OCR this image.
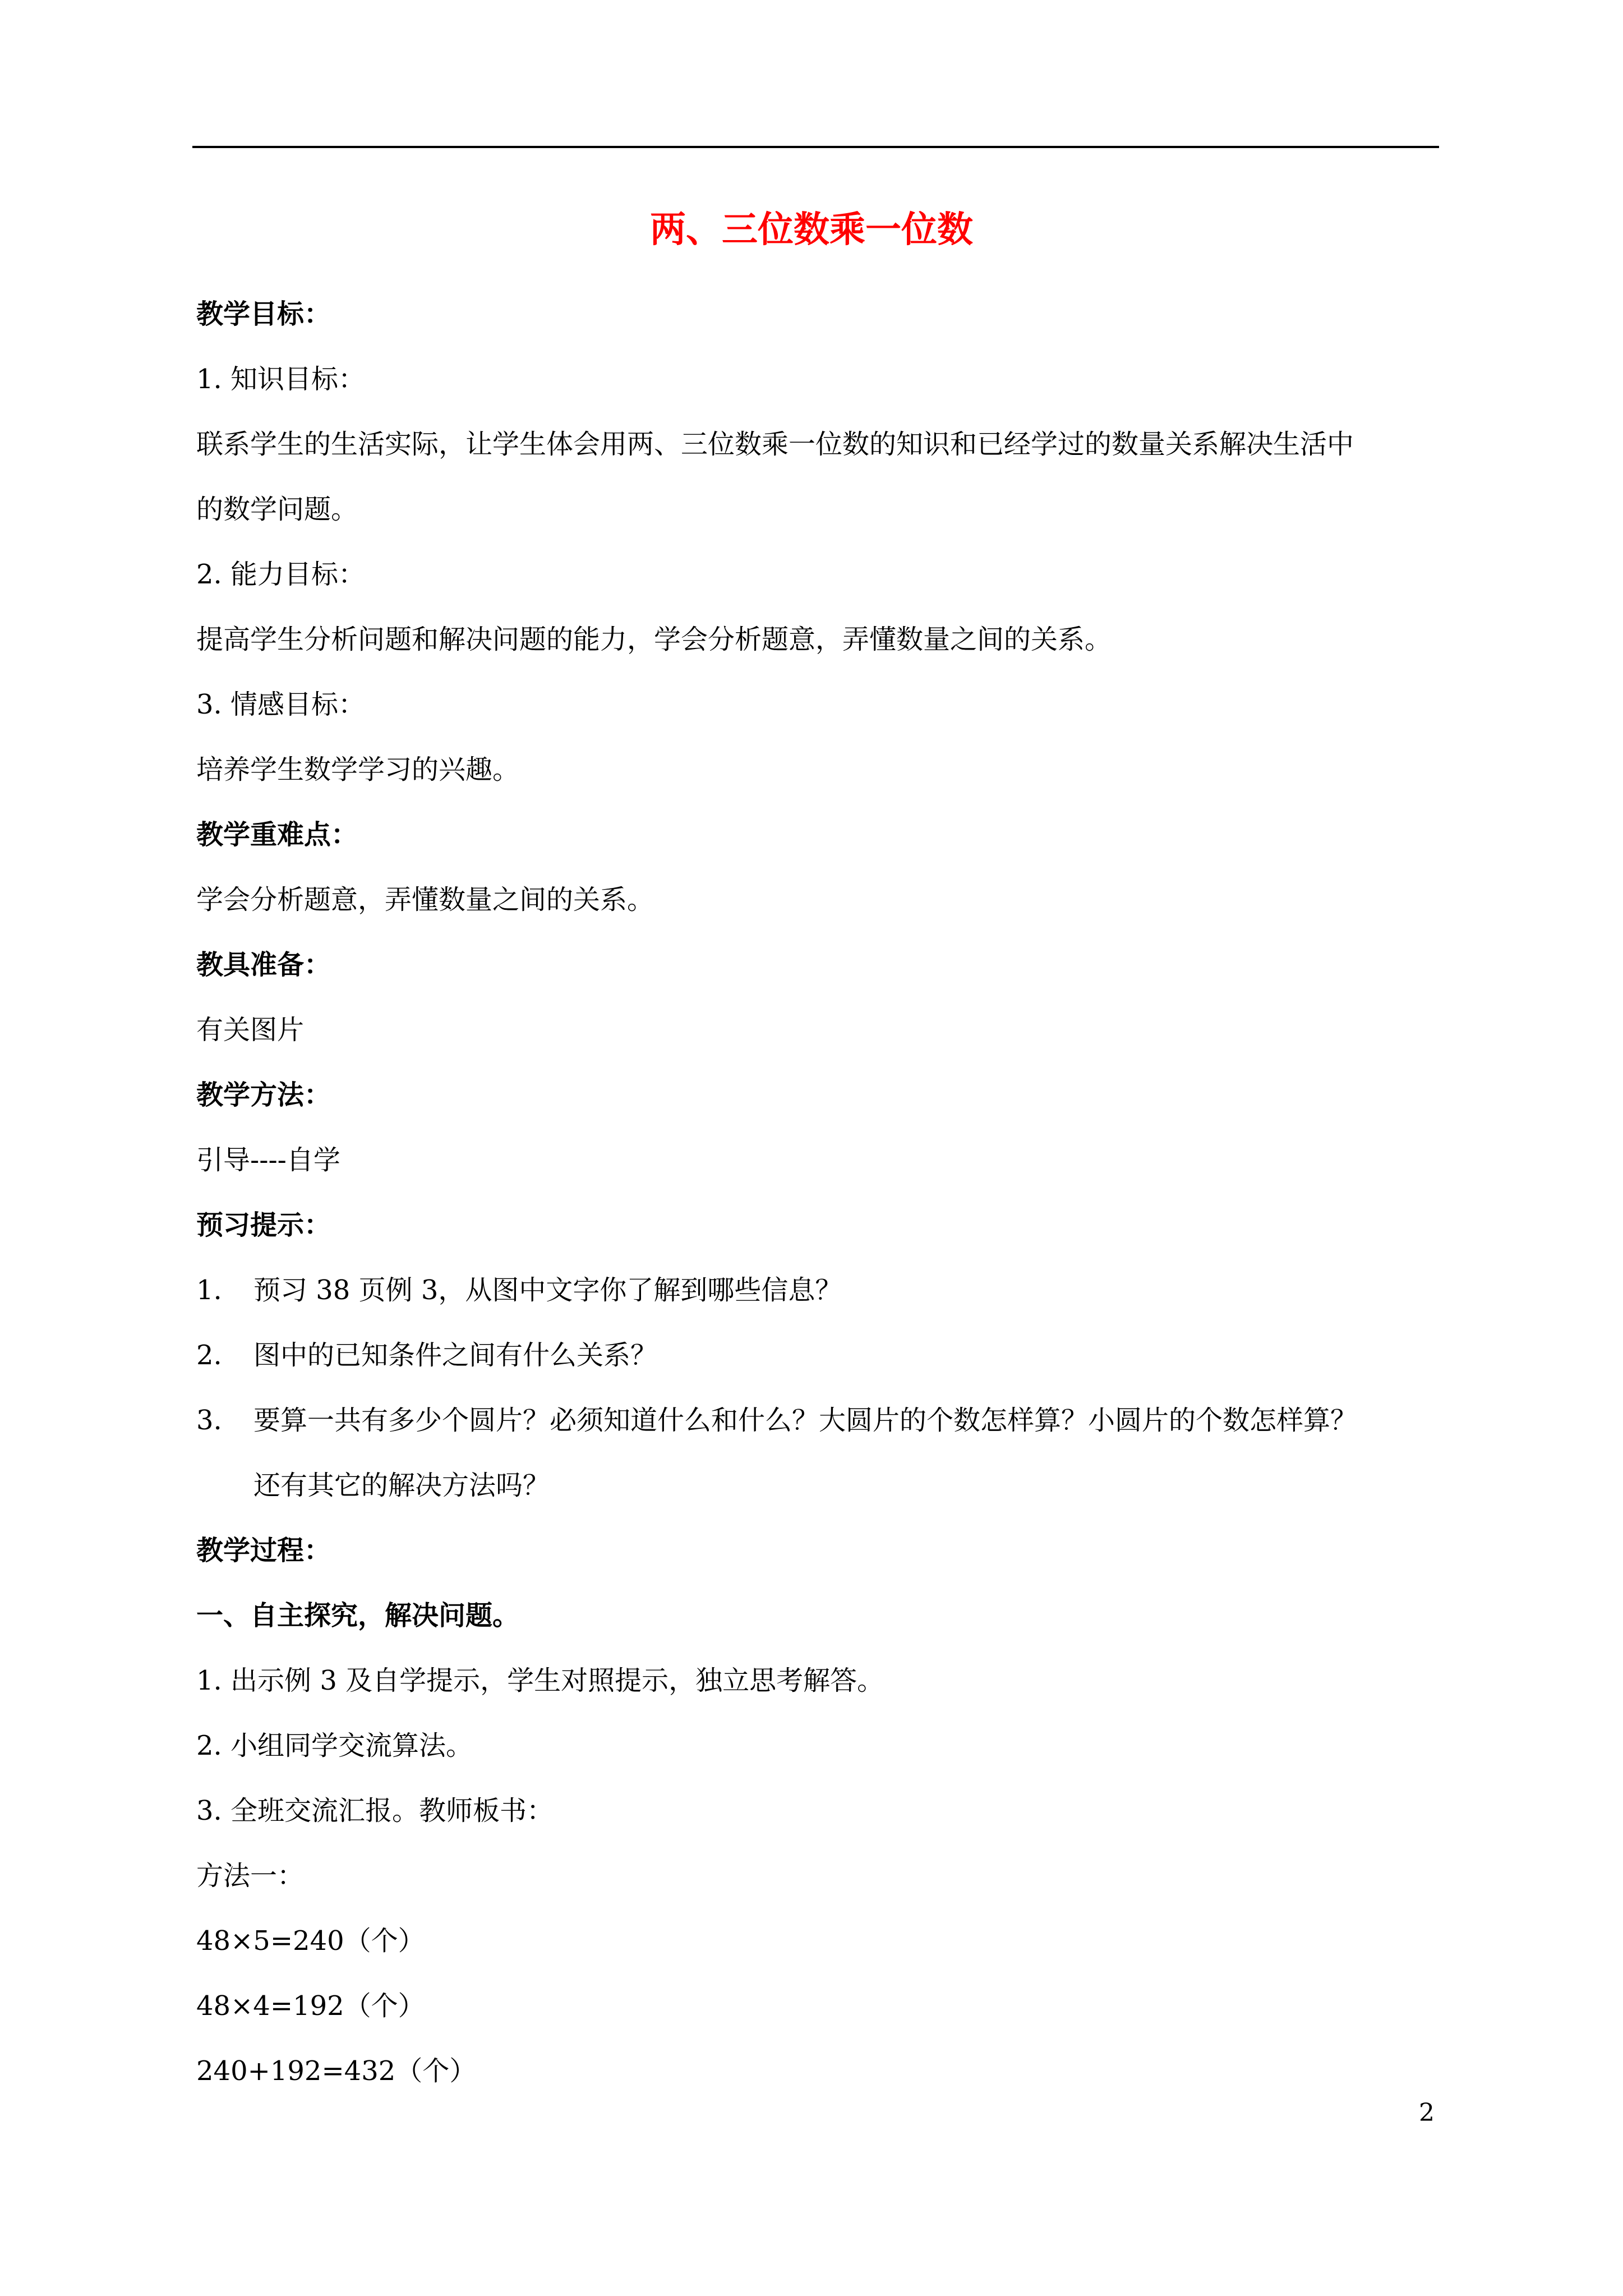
两、三位数乘一位数
教学目标：
1. 知识目标：
联系学生的生活实际，让学生体会用两、三位数乘一位数的知识和已经学过的数量关系解决生活中
的数学问题。
2. 能力目标：
提高学生分析问题和解决问题的能力，学会分析题意，弄懂数量之间的关系。
3. 情感目标：
培养学生数学学习的兴趣。
教学重难点：
学会分析题意，弄懂数量之间的关系。
教具准备：
有关图片
教学方法：
引导----自学
预习提示：
1. 预习 38 页例 3，从图中文字你了解到哪些信息？
2. 图中的已知条件之间有什么关系？
3. 要算一共有多少个圆片？必须知道什么和什么？大圆片的个数怎样算？小圆片的个数怎样算？
还有其它的解决方法吗？
教学过程：
一、自主探究，解决问题。
1. 出示例 3 及自学提示，学生对照提示，独立思考解答。
2. 小组同学交流算法。
3. 全班交流汇报。教师板书：
方法一：
48×5=240（个）
48×4=192（个）
240+192=432（个）
2
